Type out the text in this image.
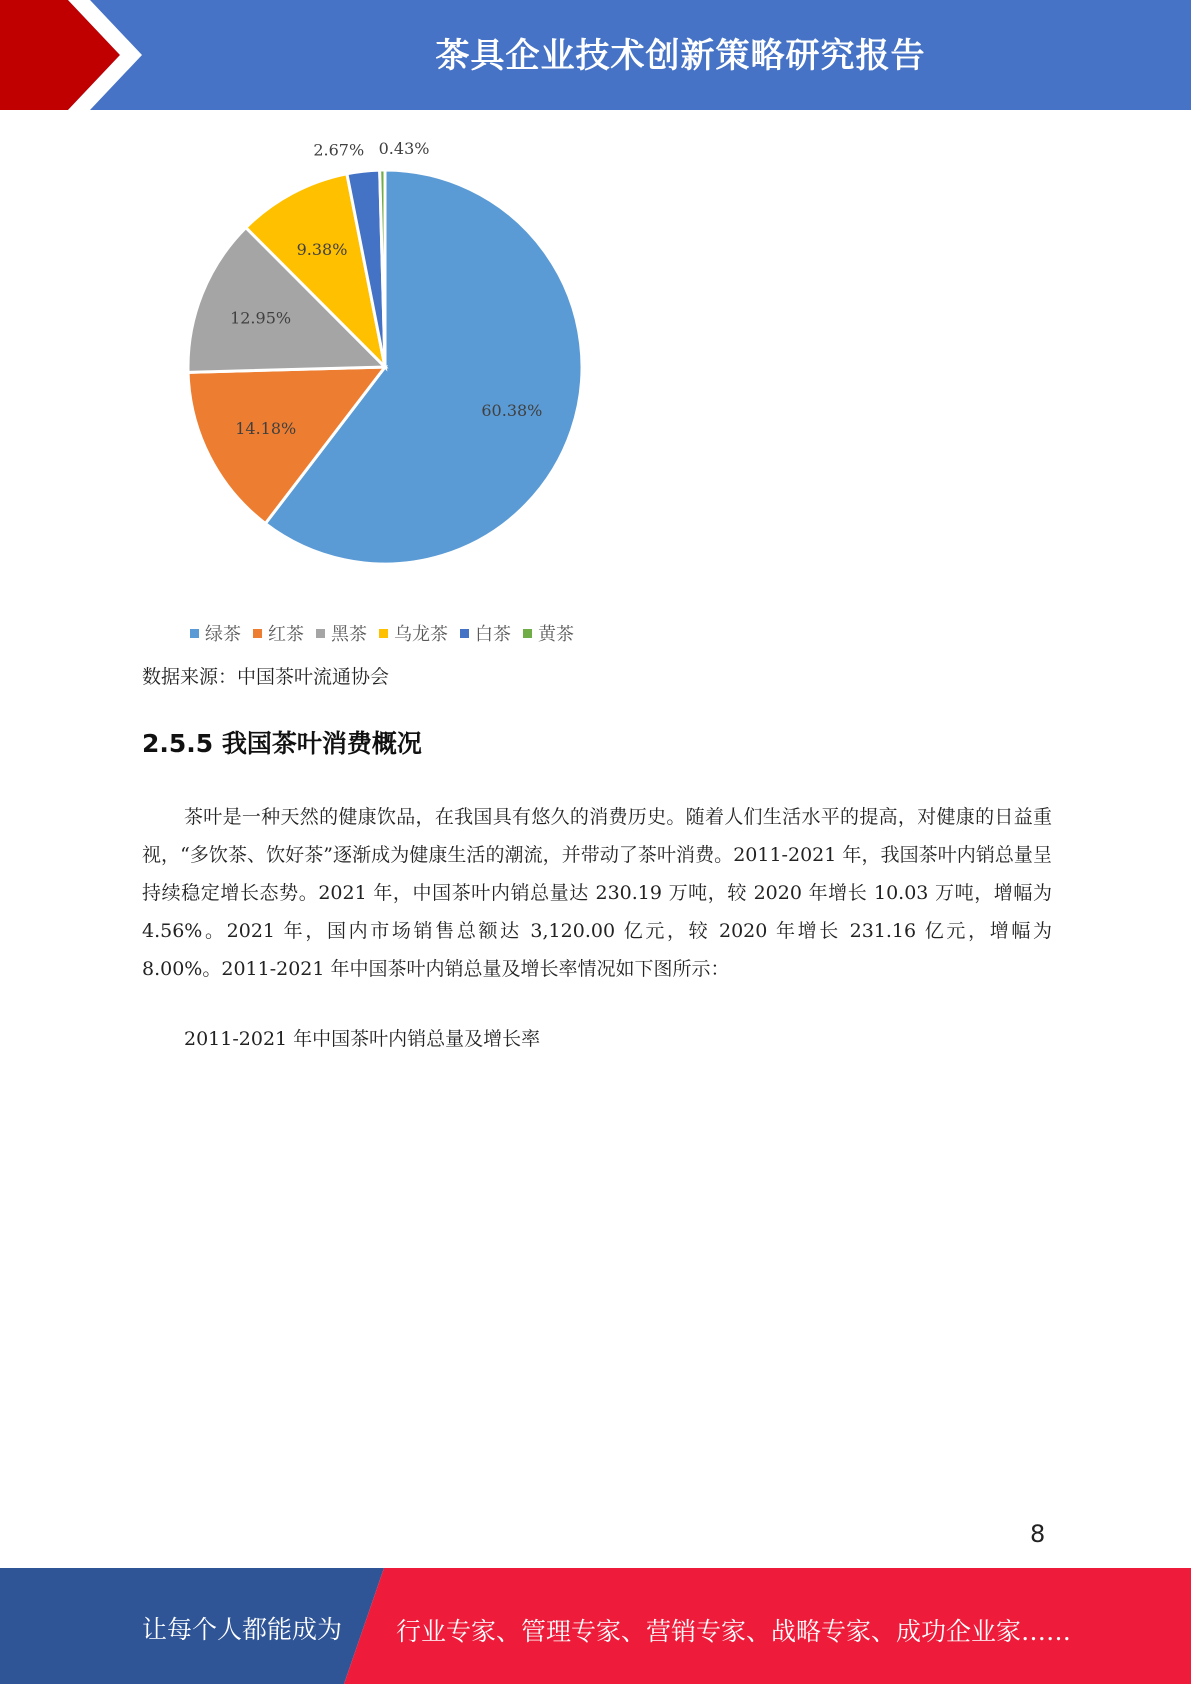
茶具企业技术创新策略研究报告
60.38%
14.18%
12.95%
9.38%
2.67% 0.43%
绿茶 红茶 黑茶 乌龙茶 白茶 黄茶
数据来源：中国茶叶流通协会
2.5.5 我国茶叶消费概况
茶叶是一种天然的健康饮品，在我国具有悠久的消费历史。随着人们生活水平的提高，对健康的日益重视，“多饮茶、饮好茶”逐渐成为健康生活的潮流，并带动了茶叶消费。2011-2021 年，我国茶叶内销总量呈持续稳定增长态势。2021 年，中国茶叶内销总量达 230.19 万吨，较 2020 年增长 10.03 万吨，增幅为 4.56%。2021 年，国内市场销售总额达 3,120.00 亿元，较 2020 年增长 231.16 亿元，增幅为 8.00%。2011-2021 年中国茶叶内销总量及增长率情况如下图所示：
2011-2021 年中国茶叶内销总量及增长率
8
让每个人都能成为 行业专家、管理专家、营销专家、战略专家、成功企业家……
